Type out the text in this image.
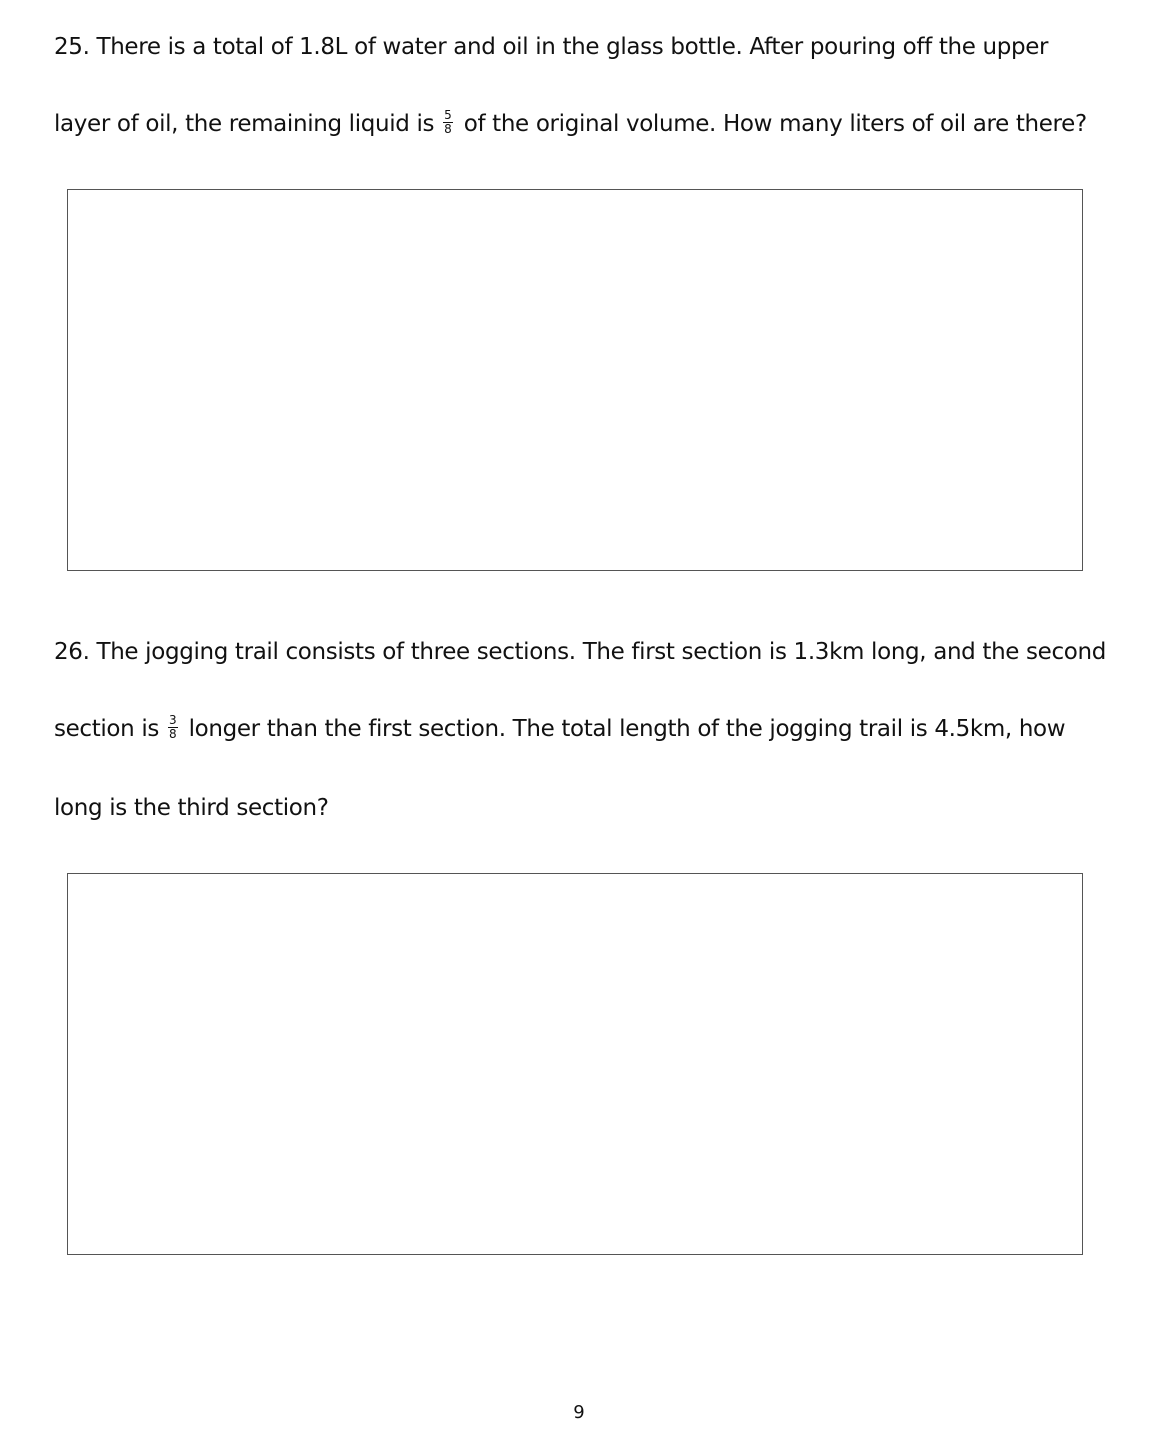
25. There is a total of 1.8L of water and oil in the glass bottle. After pouring off the upper
layer of oil, the remaining liquid is $\frac{5}{8}$ of the original volume. How many liters of oil are there?
26. The jogging trail consists of three sections. The first section is 1.3km long, and the second
section is $\frac{3}{8}$ longer than the first section. The total length of the jogging trail is 4.5km, how
long is the third section?
9
